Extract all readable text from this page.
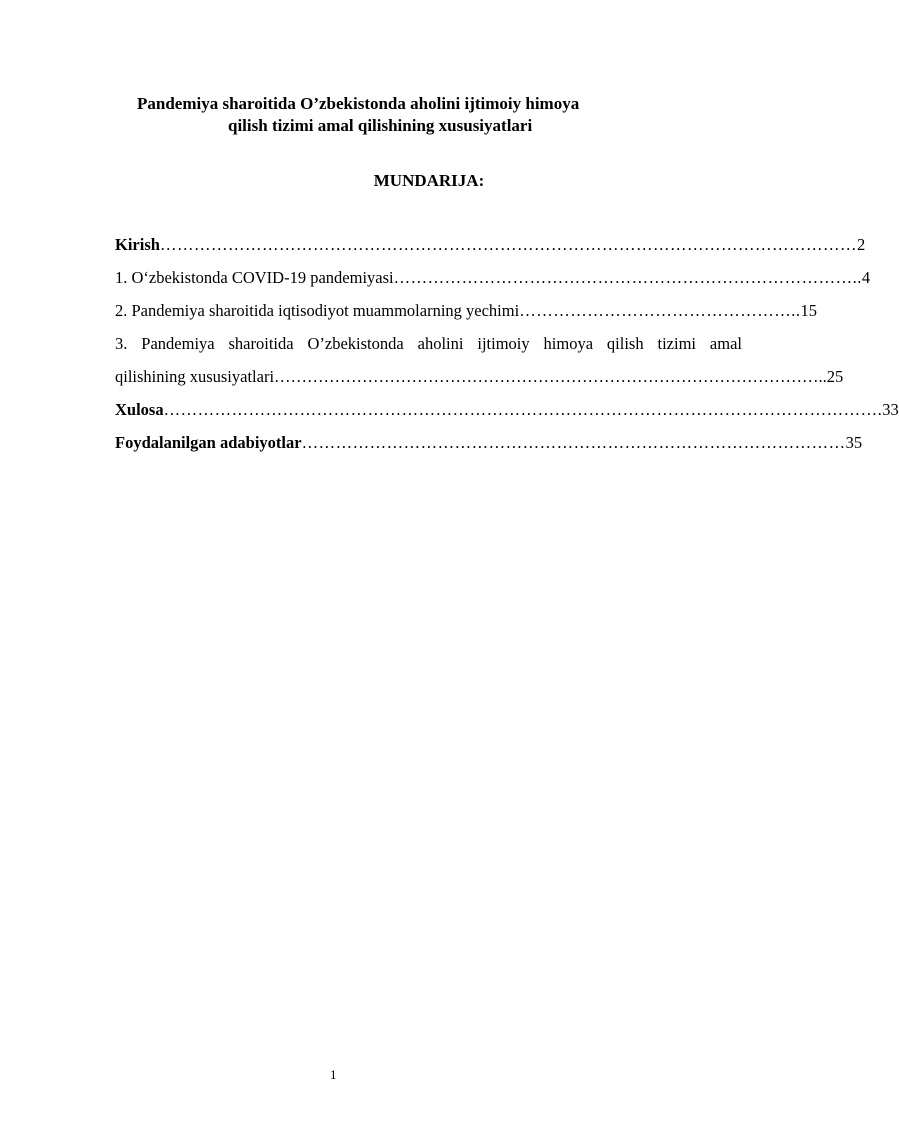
Pandemiya sharoitida O’zbekistonda aholini ijtimoiy himoya
qilish tizimi amal qilishining xususiyatlari
MUNDARIJA:
Kirish …………………………………………………………………………………………………………… 2
1. O‘zbekistonda COVID-19 pandemiyasi ……………………………………………………………………….. 4
2. Pandemiya sharoitida iqtisodiyot muammolarning yechimi ………………………………………….. 15
3. Pandemiya sharoitida O’zbekistonda aholini ijtimoiy himoya qilish tizimi amal
qilishining xususiyatlari ……………………………………………………………………………………….. 25
Xulosa ………………………………………………………………………………………………………………. 33
Foydalanilgan adabiyotlar …………………………………………………………………………………… 35
1
